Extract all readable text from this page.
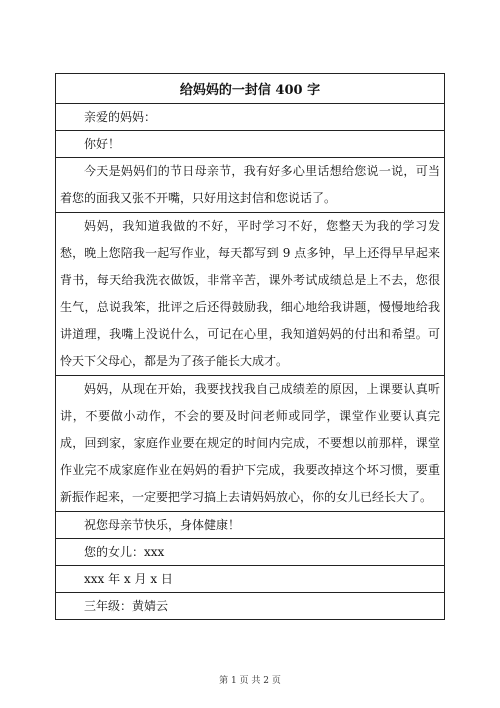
给妈妈的一封信 400 字
亲爱的妈妈：
你好！
今天是妈妈们的节日母亲节，我有好多心里话想给您说一说，可当着您的面我又张不开嘴，只好用这封信和您说话了。
妈妈，我知道我做的不好，平时学习不好，您整天为我的学习发愁，晚上您陪我一起写作业，每天都写到 9 点多钟，早上还得早早起来背书，每天给我洗衣做饭，非常辛苦，课外考试成绩总是上不去，您很生气，总说我笨，批评之后还得鼓励我，细心地给我讲题，慢慢地给我讲道理，我嘴上没说什么，可记在心里，我知道妈妈的付出和希望。可怜天下父母心，都是为了孩子能长大成才。
妈妈，从现在开始，我要找找我自己成绩差的原因，上课要认真听讲，不要做小动作，不会的要及时问老师或同学，课堂作业要认真完成，回到家，家庭作业要在规定的时间内完成，不要想以前那样，课堂作业完不成家庭作业在妈妈的看护下完成，我要改掉这个坏习惯，要重新振作起来，一定要把学习搞上去请妈妈放心，你的女儿已经长大了。
祝您母亲节快乐，身体健康！
您的女儿：xxx
xxx 年 x 月 x 日
三年级：黄婧云
第 1 页 共 2 页
